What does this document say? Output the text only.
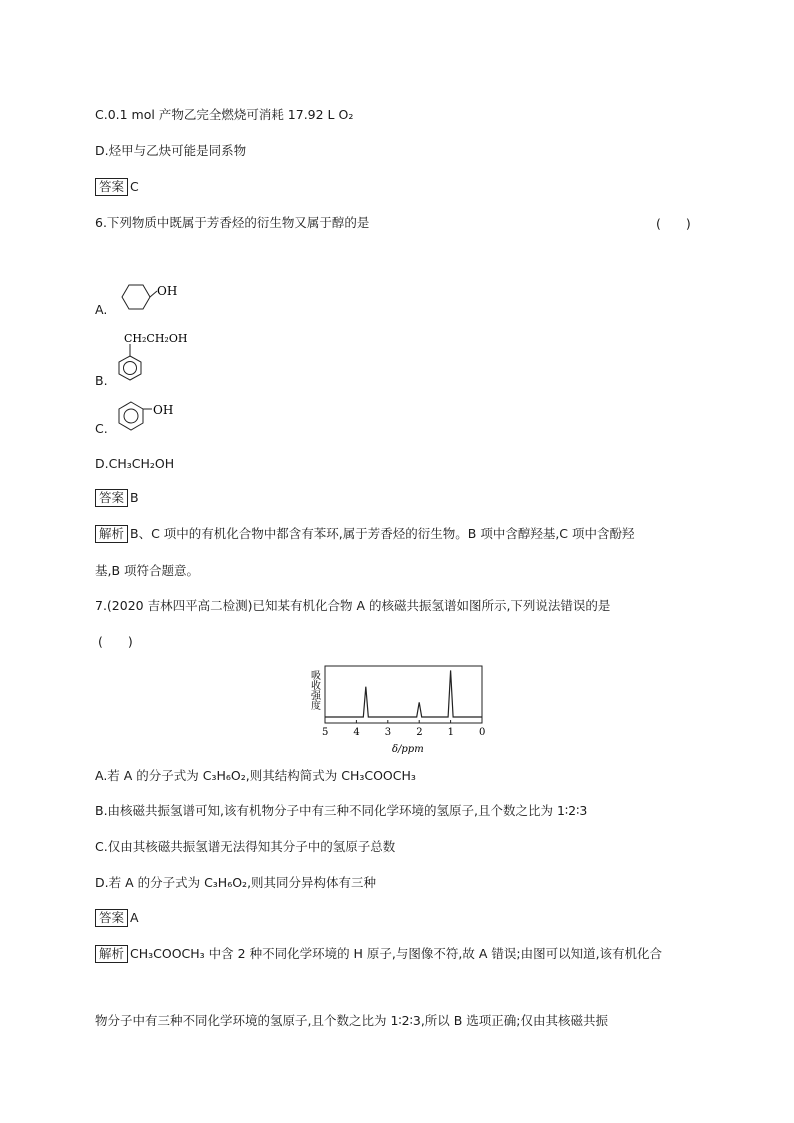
C.0.1 mol 产物乙完全燃烧可消耗 17.92 L O₂
D.烃甲与乙炔可能是同系物
答案 C
6.下列物质中既属于芳香烃的衍生物又属于醇的是	(　　)
OH
A.
CH₂CH₂OH
B.
OH
C.
D.CH₃CH₂OH
答案 B
解析 B、C 项中的有机化合物中都含有苯环,属于芳香烃的衍生物。B 项中含醇羟基,C 项中含酚羟
基,B 项符合题意。
7.(2020 吉林四平高二检测)已知某有机化合物 A 的核磁共振氢谱如图所示,下列说法错误的是
(　　)
吸收强度
5	4	3	2	1	0
δ/ppm
A.若 A 的分子式为 C₃H₆O₂,则其结构简式为 CH₃COOCH₃
B.由核磁共振氢谱可知,该有机物分子中有三种不同化学环境的氢原子,且个数之比为 1∶2∶3
C.仅由其核磁共振氢谱无法得知其分子中的氢原子总数
D.若 A 的分子式为 C₃H₆O₂,则其同分异构体有三种
答案 A
解析 CH₃COOCH₃ 中含 2 种不同化学环境的 H 原子,与图像不符,故 A 错误;由图可以知道,该有机化合
物分子中有三种不同化学环境的氢原子,且个数之比为 1∶2∶3,所以 B 选项正确;仅由其核磁共振
